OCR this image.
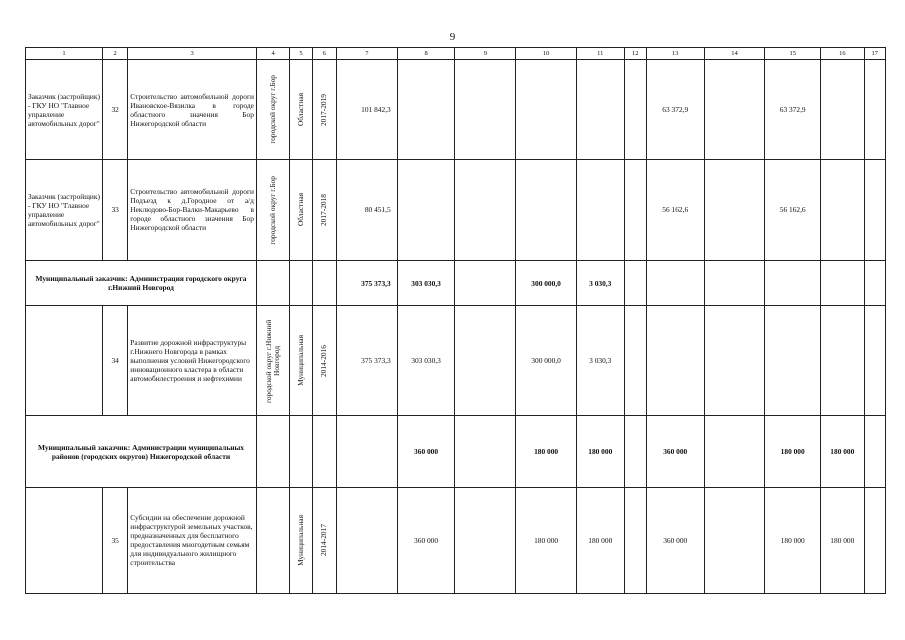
9
1	2	3	4	5	6	7	8	9	10	11	12	13	14	15	16	17
Заказчик (застройщик) - ГКУ НО "Главное управление автомобильных дорог"	32	Строительство автомобильной дороги Ивановское-Вязилка в городе областного значения Бор Нижегородской области	городской округ г.Бор	Областная	2017-2019	101 842,3						63 372,9		63 372,9		
Заказчик (застройщик) - ГКУ НО "Главное управление автомобильных дорог"	33	Строительство автомобильной дороги Подъезд к д.Городное от а/д Неклюдово-Бор-Валки-Макарьево в городе областного значения Бор Нижегородской области	городской округ г.Бор	Областная	2017-2018	80 451,5						56 162,6		56 162,6		
Муниципальный заказчик: Администрация городского округа г.Нижний Новгород						375 373,3	303 030,3		300 000,0	3 030,3						
	34	Развитие дорожной инфраструктуры г.Нижнего Новгорода в рамках выполнения условий Нижегородского инновационного кластера в области автомобилестроения и нефтехимии	городской округ г.Нижний Новгород	Муниципальная	2014-2016	375 373,3	303 030,3		300 000,0	3 030,3						
Муниципальный заказчик: Администрации муниципальных районов (городских округов) Нижегородской области							360 000		180 000	180 000		360 000		180 000	180 000	
	35	Субсидии на обеспечение дорожной инфраструктурой земельных участков, предназначенных для бесплатного предоставления многодетным семьям для индивидуального жилищного строительства		Муниципальная	2014-2017		360 000		180 000	180 000		360 000		180 000	180 000	
